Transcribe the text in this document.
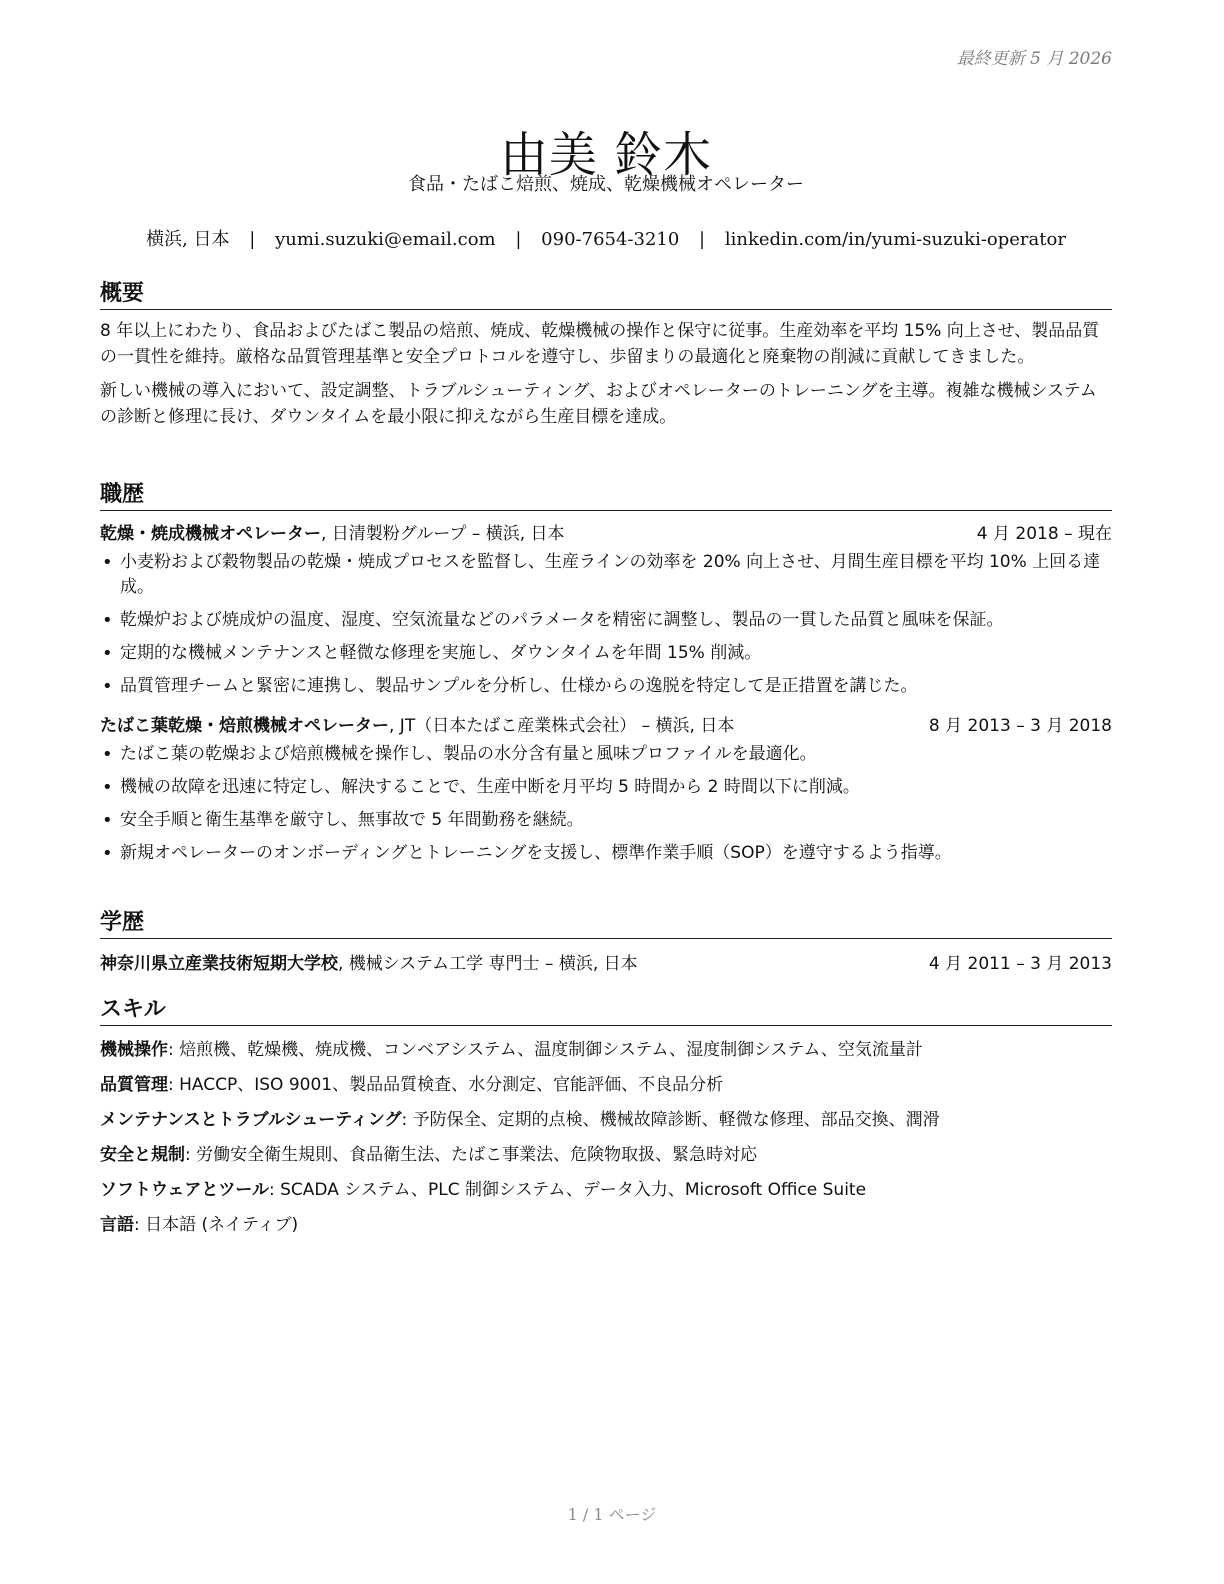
最終更新 5 月 2026
由美 鈴木
食品・たばこ焙煎、焼成、乾燥機械オペレーター
横浜, 日本 | yumi.suzuki@email.com | 090-7654-3210 | linkedin.com/in/yumi-suzuki-operator
概要

8 年以上にわたり、食品およびたばこ製品の焙煎、焼成、乾燥機械の操作と保守に従事。生産効率を平均 15% 向上させ、製品品質の一貫性を維持。厳格な品質管理基準と安全プロトコルを遵守し、歩留まりの最適化と廃棄物の削減に貢献してきました。

新しい機械の導入において、設定調整、トラブルシューティング、およびオペレーターのトレーニングを主導。複雑な機械システムの診断と修理に長け、ダウンタイムを最小限に抑えながら生産目標を達成。

職歴
乾燥・焼成機械オペレーター, 日清製粉グループ – 横浜, 日本	4 月 2018 – 現在
• 小麦粉および穀物製品の乾燥・焼成プロセスを監督し、生産ラインの効率を 20% 向上させ、月間生産目標を平均 10% 上回る達成。
• 乾燥炉および焼成炉の温度、湿度、空気流量などのパラメータを精密に調整し、製品の一貫した品質と風味を保証。
• 定期的な機械メンテナンスと軽微な修理を実施し、ダウンタイムを年間 15% 削減。
• 品質管理チームと緊密に連携し、製品サンプルを分析し、仕様からの逸脱を特定して是正措置を講じた。
たばこ葉乾燥・焙煎機械オペレーター, JT（日本たばこ産業株式会社） – 横浜, 日本	8 月 2013 – 3 月 2018
• たばこ葉の乾燥および焙煎機械を操作し、製品の水分含有量と風味プロファイルを最適化。
• 機械の故障を迅速に特定し、解決することで、生産中断を月平均 5 時間から 2 時間以下に削減。
• 安全手順と衛生基準を厳守し、無事故で 5 年間勤務を継続。
• 新規オペレーターのオンボーディングとトレーニングを支援し、標準作業手順（SOP）を遵守するよう指導。
学歴
神奈川県立産業技術短期大学校, 機械システム工学 専門士 – 横浜, 日本	4 月 2011 – 3 月 2013
スキル
機械操作: 焙煎機、乾燥機、焼成機、コンベアシステム、温度制御システム、湿度制御システム、空気流量計
品質管理: HACCP、ISO 9001、製品品質検査、水分測定、官能評価、不良品分析
メンテナンスとトラブルシューティング: 予防保全、定期的点検、機械故障診断、軽微な修理、部品交換、潤滑
安全と規制: 労働安全衛生規則、食品衛生法、たばこ事業法、危険物取扱、緊急時対応
ソフトウェアとツール: SCADA システム、PLC 制御システム、データ入力、Microsoft Office Suite
言語: 日本語 (ネイティブ)
1 / 1 ページ
